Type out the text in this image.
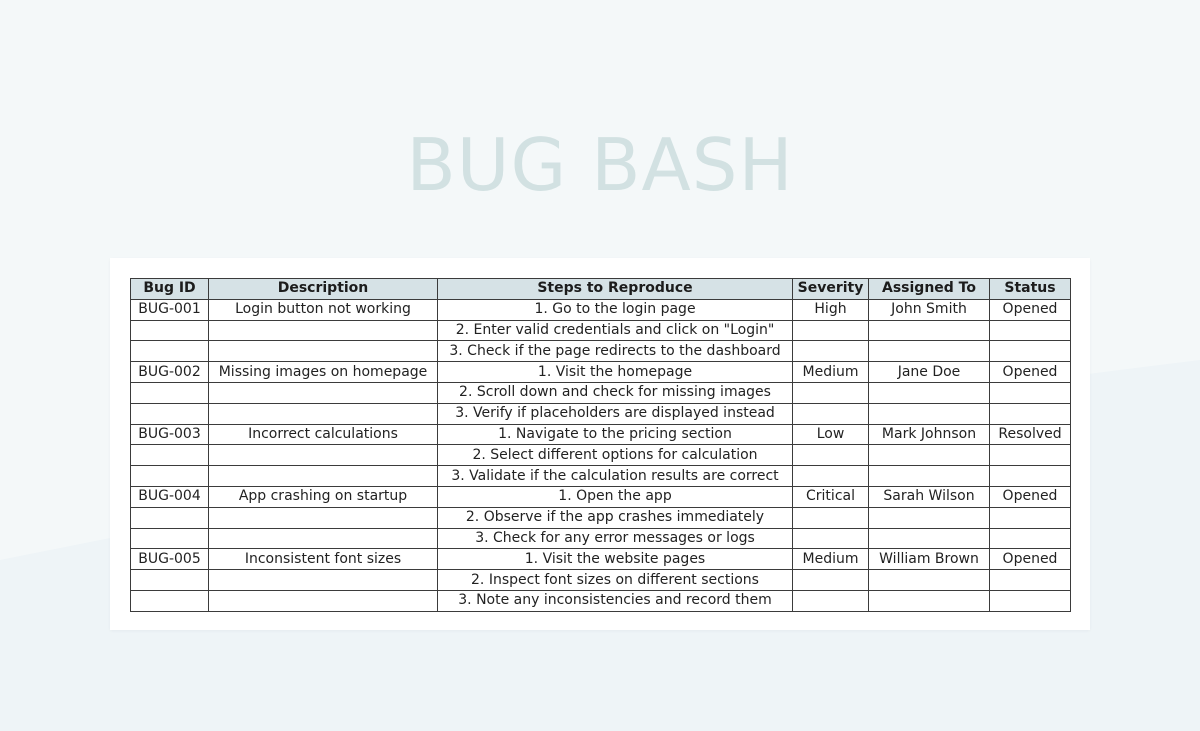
BUG BASH
Bug ID	Description	Steps to Reproduce	Severity	Assigned To	Status
BUG-001	Login button not working	1. Go to the login page	High	John Smith	Opened
		2. Enter valid credentials and click on "Login"			
		3. Check if the page redirects to the dashboard			
BUG-002	Missing images on homepage	1. Visit the homepage	Medium	Jane Doe	Opened
		2. Scroll down and check for missing images			
		3. Verify if placeholders are displayed instead			
BUG-003	Incorrect calculations	1. Navigate to the pricing section	Low	Mark Johnson	Resolved
		2. Select different options for calculation			
		3. Validate if the calculation results are correct			
BUG-004	App crashing on startup	1. Open the app	Critical	Sarah Wilson	Opened
		2. Observe if the app crashes immediately			
		3. Check for any error messages or logs			
BUG-005	Inconsistent font sizes	1. Visit the website pages	Medium	William Brown	Opened
		2. Inspect font sizes on different sections			
		3. Note any inconsistencies and record them			
